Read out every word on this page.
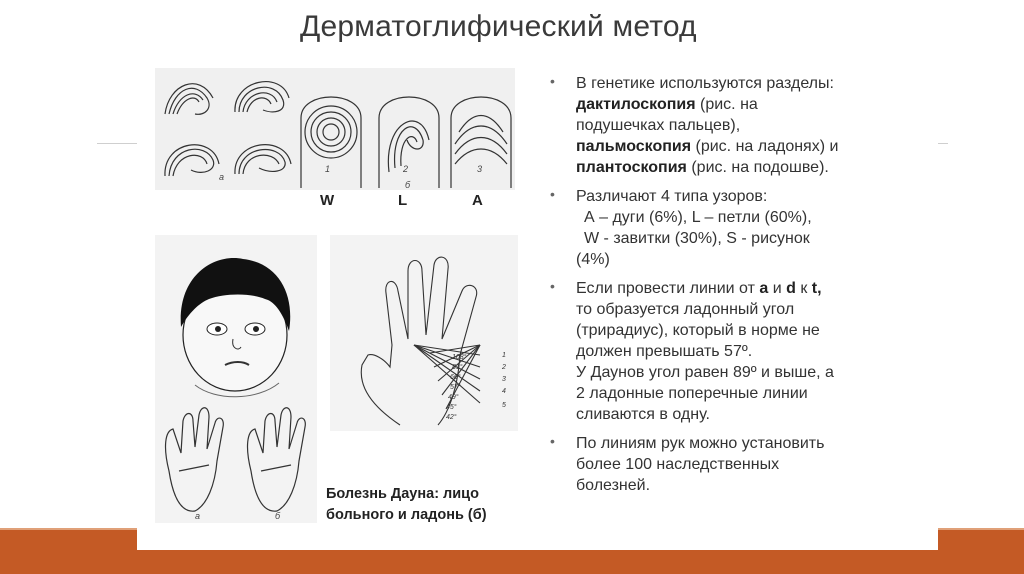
Дерматоглифический метод
а
1	2	3
б
W	L	A
а	б
108°
81°
66°
57°
49°
45°
42°
1
2
3
4
5
Болезнь Дауна: лицо
больного и ладонь (б)
• В генетике используются разделы:
дактилоскопия (рис. на
подушечках пальцев),
пальмоскопия (рис. на ладонях) и
плантоскопия (рис. на подошве).
• Различают 4 типа узоров:
А – дуги (6%), L – петли (60%),
W - завитки (30%), S - рисунок
(4%)
• Если провести линии от а и d к t,
то образуется ладонный угол
(трирадиус), который в норме не
должен превышать 57º.
У Даунов угол равен 89º и выше, а
2 ладонные поперечные линии
сливаются в одну.
• По линиям рук можно установить
более 100 наследственных
болезней.
